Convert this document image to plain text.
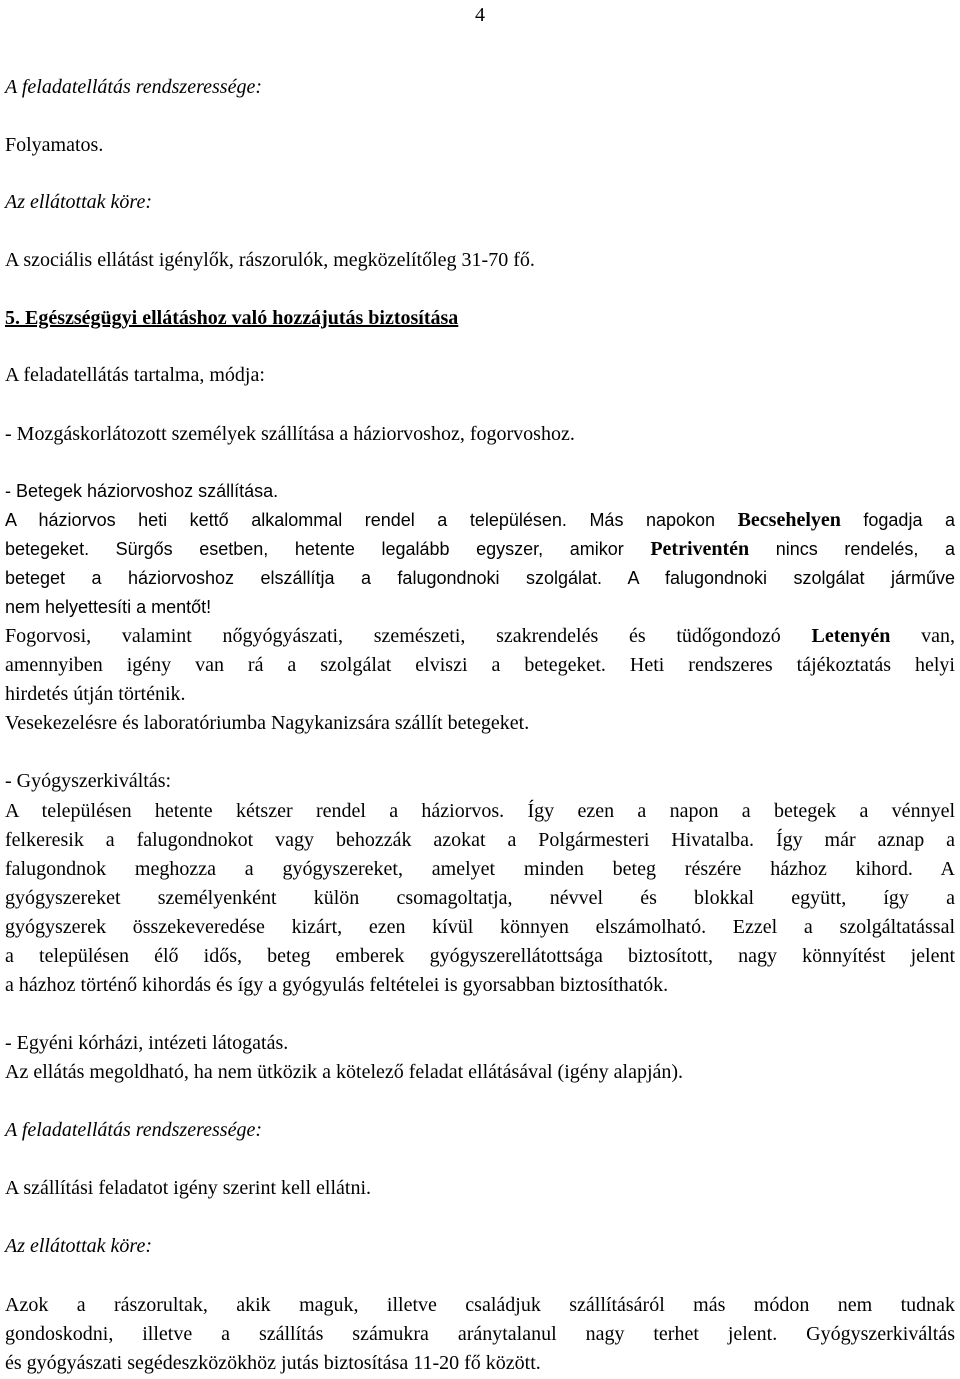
4
A feladatellátás rendszeressége:
Folyamatos.
Az ellátottak köre:
A szociális ellátást igénylők, rászorulók, megközelítőleg 31-70 fő.
5. Egészségügyi ellátáshoz való hozzájutás biztosítása
A feladatellátás tartalma, módja:
- Mozgáskorlátozott személyek szállítása a háziorvoshoz, fogorvoshoz.
- Betegek háziorvoshoz szállítása.
A háziorvos heti kettő alkalommal rendel a településen. Más napokon Becsehelyen fogadja a
betegeket. Sürgős esetben, hetente legalább egyszer, amikor Petriventén nincs rendelés, a
beteget a háziorvoshoz elszállítja a falugondnoki szolgálat. A falugondnoki szolgálat járműve
nem helyettesíti a mentőt!
Fogorvosi, valamint nőgyógyászati, szemészeti, szakrendelés és tüdőgondozó Letenyén van,
amennyiben igény van rá a szolgálat elviszi a betegeket. Heti rendszeres tájékoztatás helyi
hirdetés útján történik.
Vesekezelésre és laboratóriumba Nagykanizsára szállít betegeket.
- Gyógyszerkiváltás:
A településen hetente kétszer rendel a háziorvos. Így ezen a napon a betegek a vénnyel
felkeresik a falugondnokot vagy behozzák azokat a Polgármesteri Hivatalba. Így már aznap a
falugondnok meghozza a gyógyszereket, amelyet minden beteg részére házhoz kihord. A
gyógyszereket személyenként külön csomagoltatja, névvel és blokkal együtt, így a
gyógyszerek összekeveredése kizárt, ezen kívül könnyen elszámolható. Ezzel a szolgáltatással
a településen élő idős, beteg emberek gyógyszerellátottsága biztosított, nagy könnyítést jelent
a házhoz történő kihordás és így a gyógyulás feltételei is gyorsabban biztosíthatók.
- Egyéni kórházi, intézeti látogatás.
Az ellátás megoldható, ha nem ütközik a kötelező feladat ellátásával (igény alapján).
A feladatellátás rendszeressége:
A szállítási feladatot igény szerint kell ellátni.
Az ellátottak köre:
Azok a rászorultak, akik maguk, illetve családjuk szállításáról más módon nem tudnak
gondoskodni, illetve a szállítás számukra aránytalanul nagy terhet jelent. Gyógyszerkiváltás
és gyógyászati segédeszközökhöz jutás biztosítása 11-20 fő között.
